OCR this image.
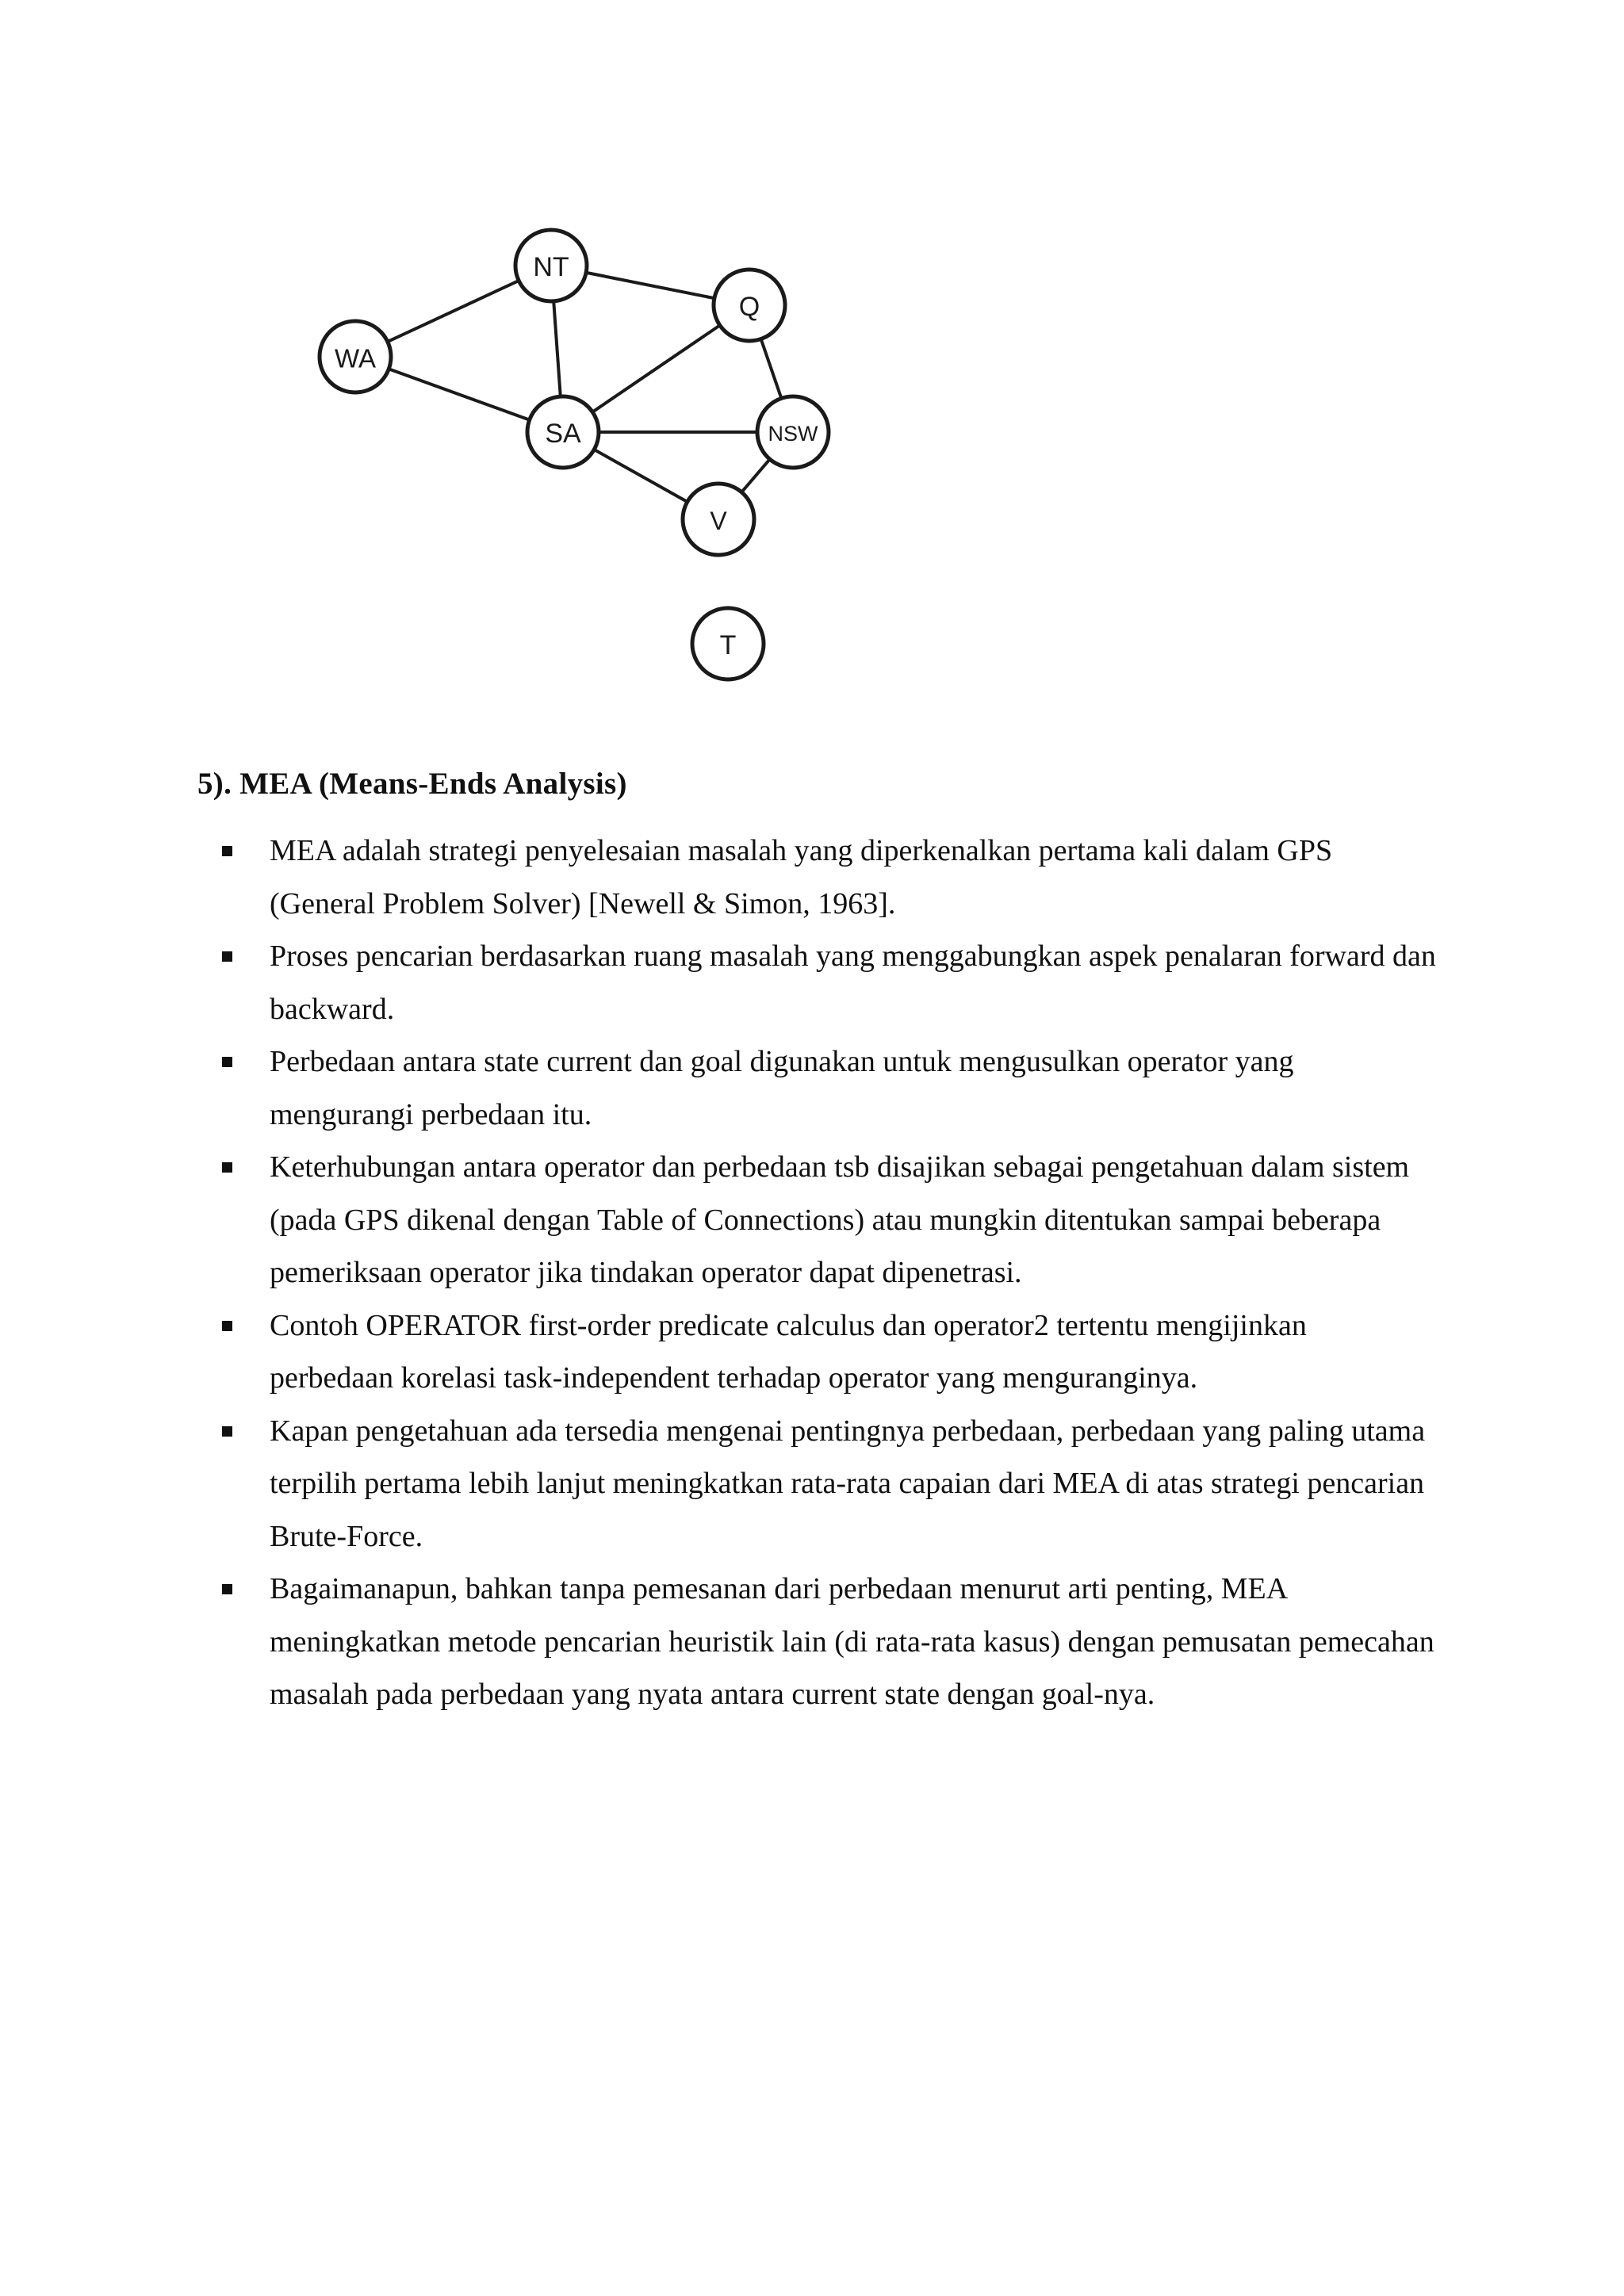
WA
NT
Q
SA	NSW
V
T
5). MEA (Means-Ends Analysis)
MEA adalah strategi penyelesaian masalah yang diperkenalkan pertama kali dalam GPS (General Problem Solver) [Newell & Simon, 1963].
Proses pencarian berdasarkan ruang masalah yang menggabungkan aspek penalaran forward dan backward.
Perbedaan antara state current dan goal digunakan untuk mengusulkan operator yang mengurangi perbedaan itu.
Keterhubungan antara operator dan perbedaan tsb disajikan sebagai pengetahuan dalam sistem (pada GPS dikenal dengan Table of Connections) atau mungkin ditentukan sampai beberapa pemeriksaan operator jika tindakan operator dapat dipenetrasi.
Contoh OPERATOR first-order predicate calculus dan operator2 tertentu mengijinkan perbedaan korelasi task-independent terhadap operator yang menguranginya.
Kapan pengetahuan ada tersedia mengenai pentingnya perbedaan, perbedaan yang paling utama terpilih pertama lebih lanjut meningkatkan rata-rata capaian dari MEA di atas strategi pencarian Brute-Force.
Bagaimanapun, bahkan tanpa pemesanan dari perbedaan menurut arti penting, MEA meningkatkan metode pencarian heuristik lain (di rata-rata kasus) dengan pemusatan pemecahan masalah pada perbedaan yang nyata antara current state dengan goal-nya.
